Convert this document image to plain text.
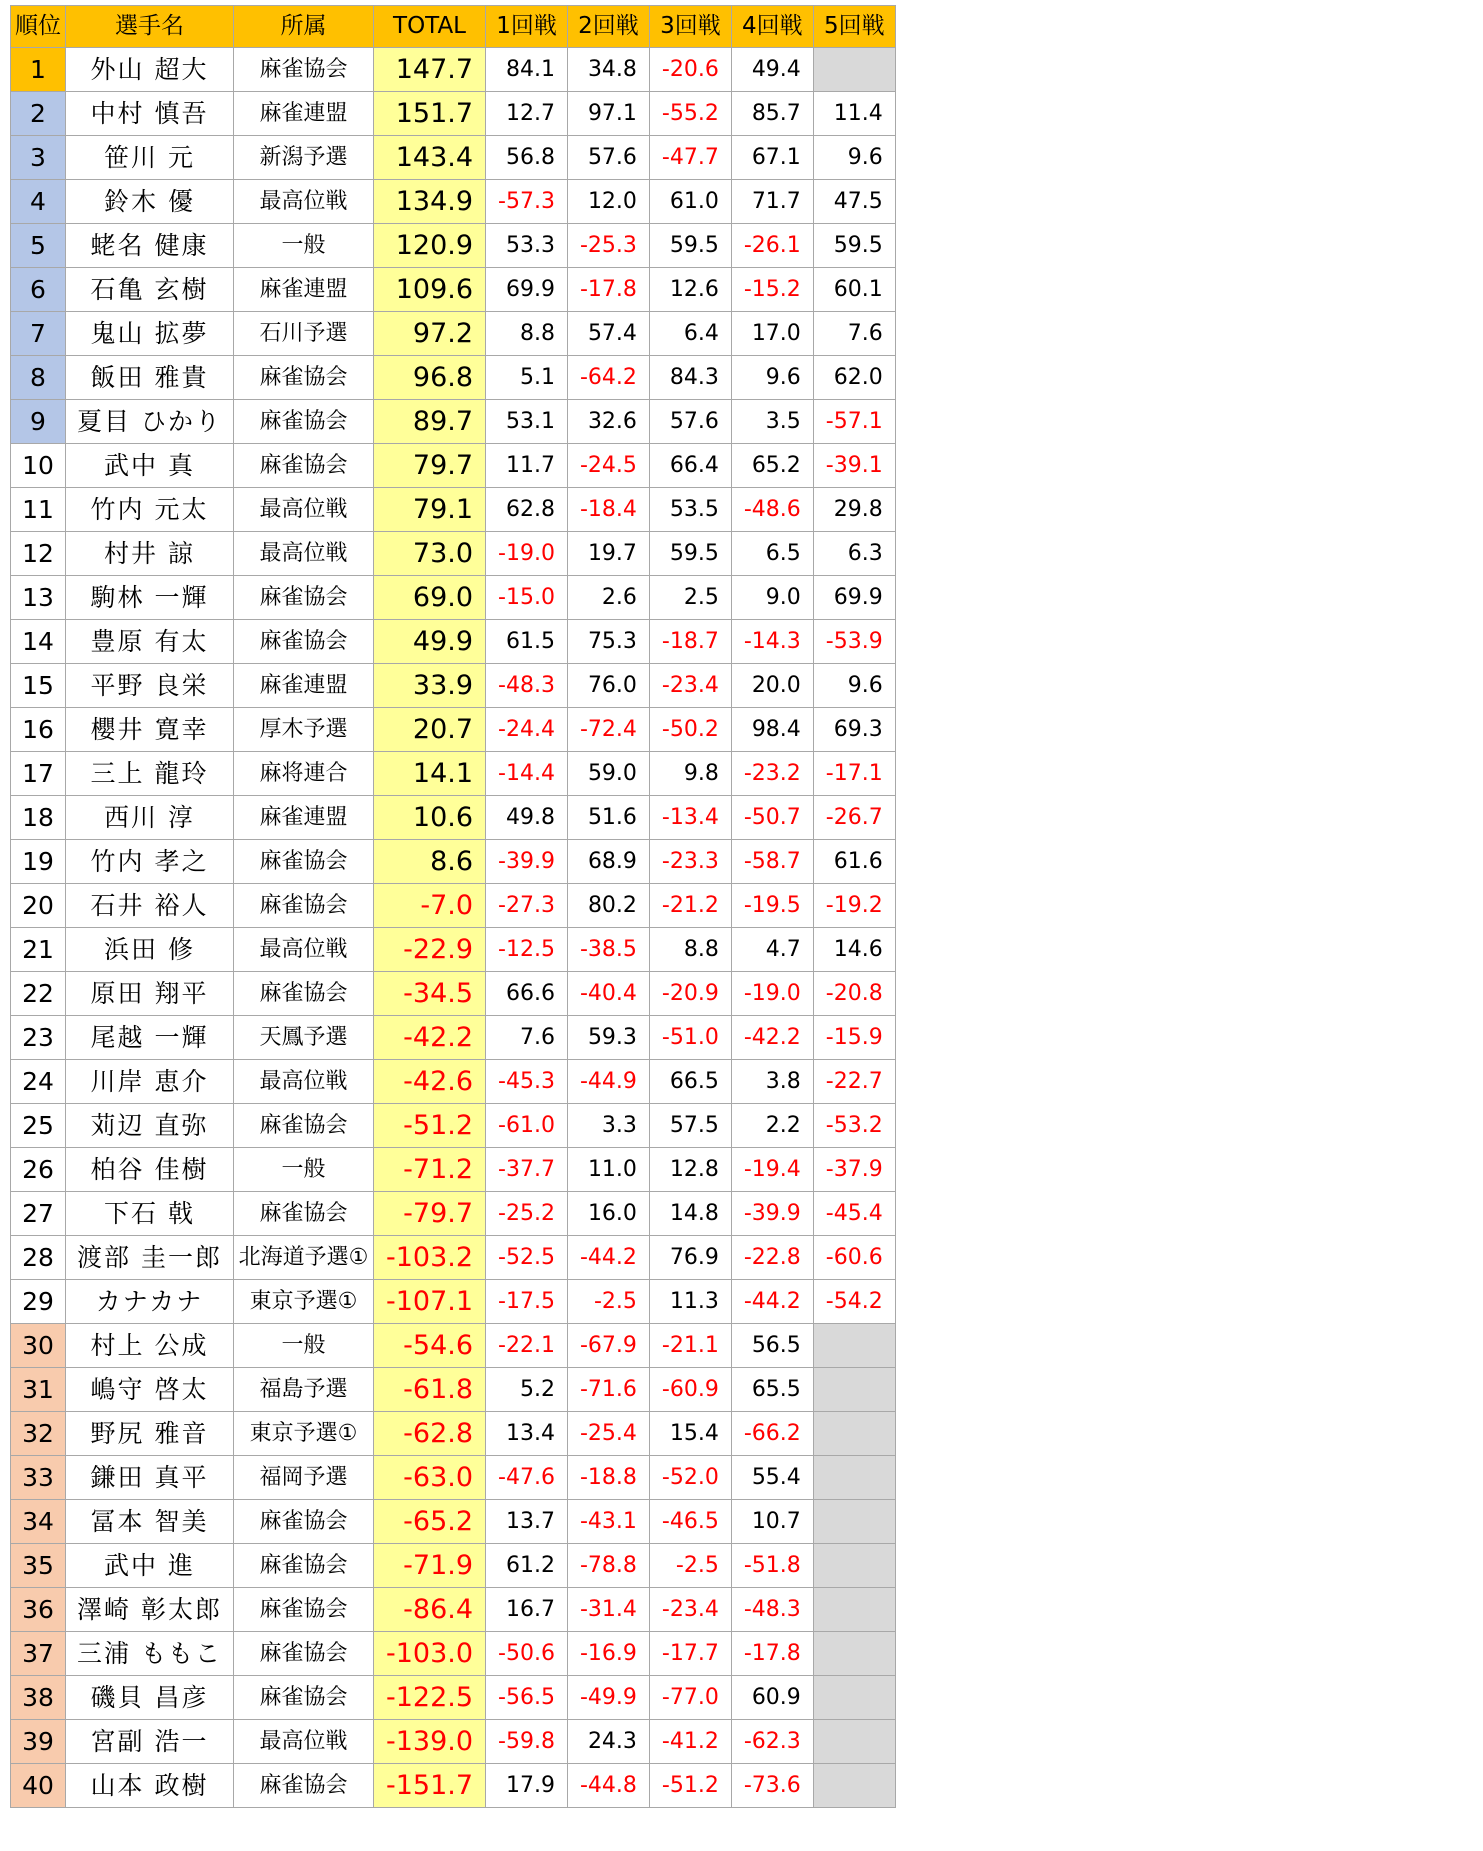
順位	選手名	所属	TOTAL	1回戦	2回戦	3回戦	4回戦	5回戦
1	外山 超大	麻雀協会	147.7	84.1	34.8	-20.6	49.4	
2	中村 慎吾	麻雀連盟	151.7	12.7	97.1	-55.2	85.7	11.4
3	笹川 元	新潟予選	143.4	56.8	57.6	-47.7	67.1	9.6
4	鈴木 優	最高位戦	134.9	-57.3	12.0	61.0	71.7	47.5
5	蛯名 健康	一般	120.9	53.3	-25.3	59.5	-26.1	59.5
6	石亀 玄樹	麻雀連盟	109.6	69.9	-17.8	12.6	-15.2	60.1
7	鬼山 拡夢	石川予選	97.2	8.8	57.4	6.4	17.0	7.6
8	飯田 雅貴	麻雀協会	96.8	5.1	-64.2	84.3	9.6	62.0
9	夏目 ひかり	麻雀協会	89.7	53.1	32.6	57.6	3.5	-57.1
10	武中 真	麻雀協会	79.7	11.7	-24.5	66.4	65.2	-39.1
11	竹内 元太	最高位戦	79.1	62.8	-18.4	53.5	-48.6	29.8
12	村井 諒	最高位戦	73.0	-19.0	19.7	59.5	6.5	6.3
13	駒林 一輝	麻雀協会	69.0	-15.0	2.6	2.5	9.0	69.9
14	豊原 有太	麻雀協会	49.9	61.5	75.3	-18.7	-14.3	-53.9
15	平野 良栄	麻雀連盟	33.9	-48.3	76.0	-23.4	20.0	9.6
16	櫻井 寛幸	厚木予選	20.7	-24.4	-72.4	-50.2	98.4	69.3
17	三上 龍玲	麻将連合	14.1	-14.4	59.0	9.8	-23.2	-17.1
18	西川 淳	麻雀連盟	10.6	49.8	51.6	-13.4	-50.7	-26.7
19	竹内 孝之	麻雀協会	8.6	-39.9	68.9	-23.3	-58.7	61.6
20	石井 裕人	麻雀協会	-7.0	-27.3	80.2	-21.2	-19.5	-19.2
21	浜田 修	最高位戦	-22.9	-12.5	-38.5	8.8	4.7	14.6
22	原田 翔平	麻雀協会	-34.5	66.6	-40.4	-20.9	-19.0	-20.8
23	尾越 一輝	天鳳予選	-42.2	7.6	59.3	-51.0	-42.2	-15.9
24	川岸 恵介	最高位戦	-42.6	-45.3	-44.9	66.5	3.8	-22.7
25	苅辺 直弥	麻雀協会	-51.2	-61.0	3.3	57.5	2.2	-53.2
26	柏谷 佳樹	一般	-71.2	-37.7	11.0	12.8	-19.4	-37.9
27	下石 戟	麻雀協会	-79.7	-25.2	16.0	14.8	-39.9	-45.4
28	渡部 圭一郎	北海道予選①	-103.2	-52.5	-44.2	76.9	-22.8	-60.6
29	カナカナ	東京予選①	-107.1	-17.5	-2.5	11.3	-44.2	-54.2
30	村上 公成	一般	-54.6	-22.1	-67.9	-21.1	56.5	
31	嶋守 啓太	福島予選	-61.8	5.2	-71.6	-60.9	65.5	
32	野尻 雅音	東京予選①	-62.8	13.4	-25.4	15.4	-66.2	
33	鎌田 真平	福岡予選	-63.0	-47.6	-18.8	-52.0	55.4	
34	冨本 智美	麻雀協会	-65.2	13.7	-43.1	-46.5	10.7	
35	武中 進	麻雀協会	-71.9	61.2	-78.8	-2.5	-51.8	
36	澤崎 彰太郎	麻雀協会	-86.4	16.7	-31.4	-23.4	-48.3	
37	三浦 ももこ	麻雀協会	-103.0	-50.6	-16.9	-17.7	-17.8	
38	磯貝 昌彦	麻雀協会	-122.5	-56.5	-49.9	-77.0	60.9	
39	宮副 浩一	最高位戦	-139.0	-59.8	24.3	-41.2	-62.3	
40	山本 政樹	麻雀協会	-151.7	17.9	-44.8	-51.2	-73.6	
